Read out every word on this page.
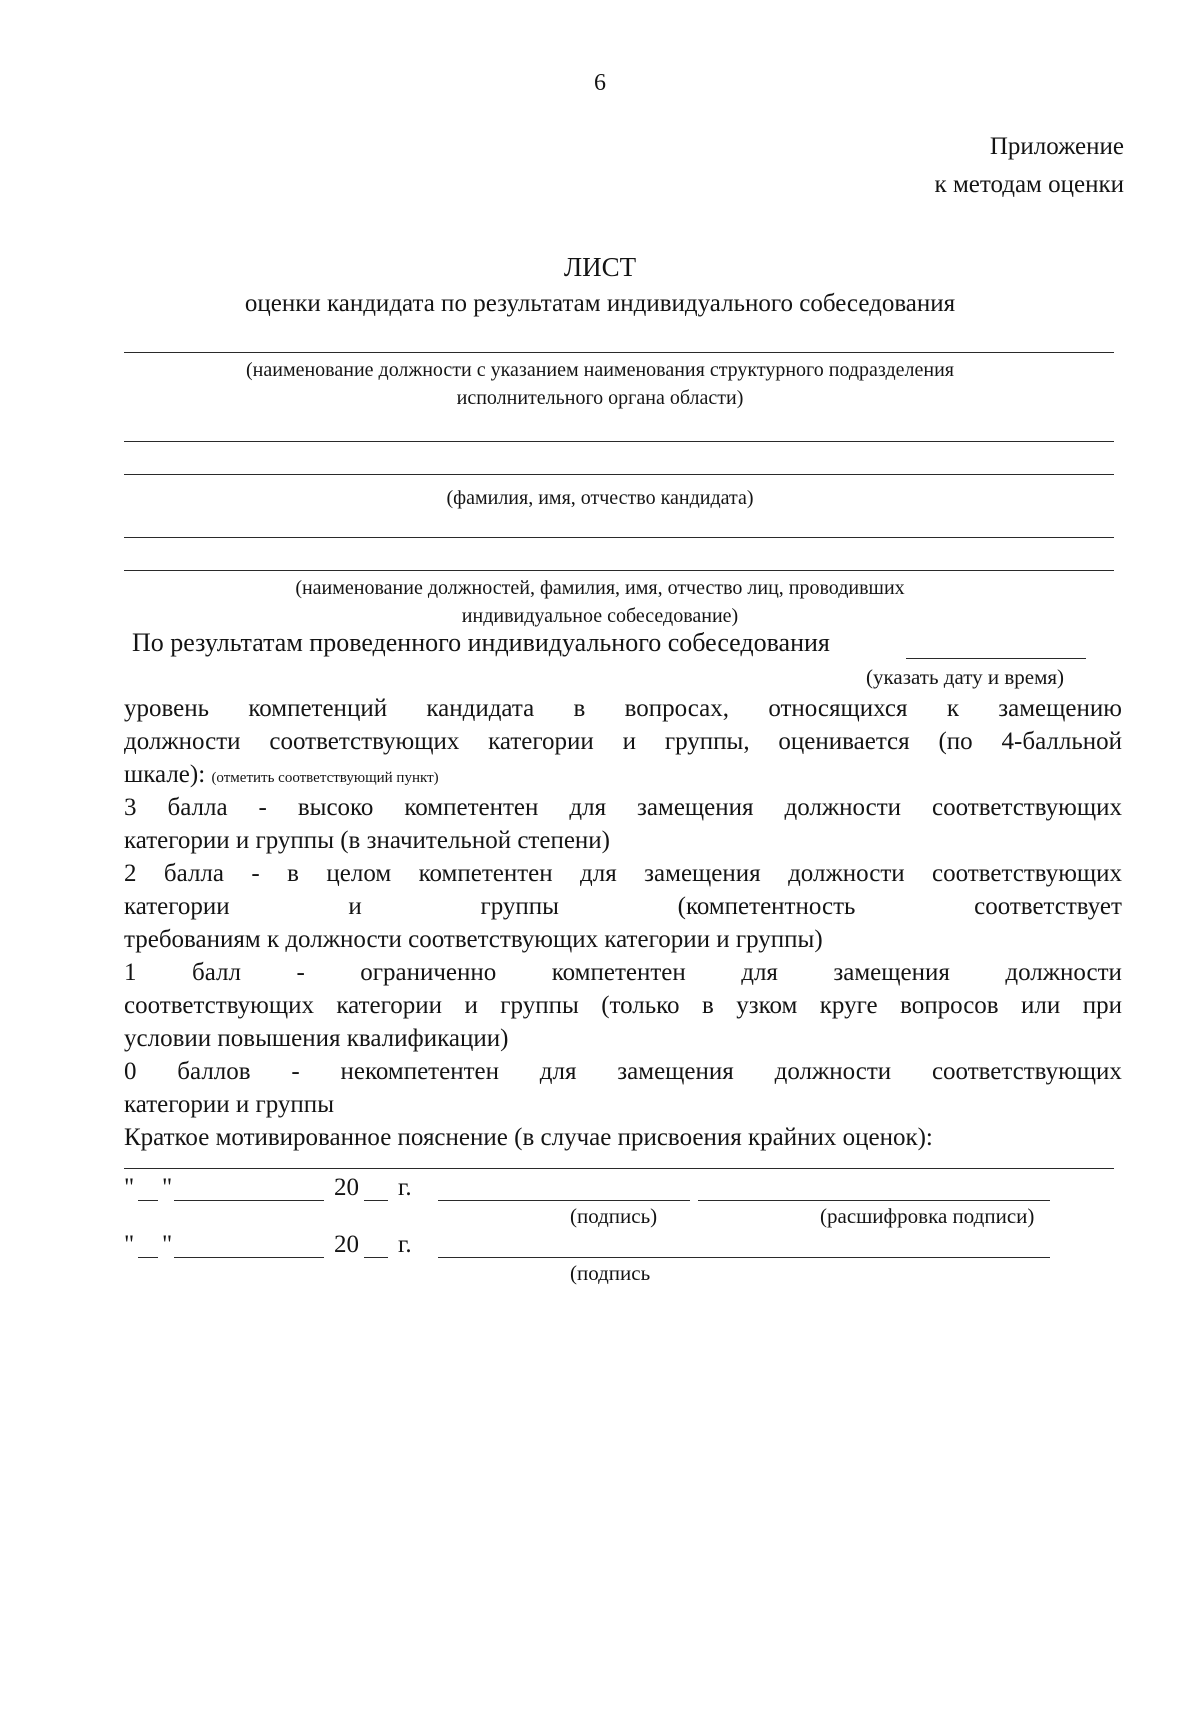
6
Приложение
к методам оценки
ЛИСТ
оценки кандидата по результатам индивидуального собеседования
(наименование должности с указанием наименования структурного подразделения
исполнительного органа области)
(фамилия, имя, отчество кандидата)
(наименование должностей, фамилия, имя, отчество лиц, проводивших
индивидуальное собеседование)
По результатам проведенного индивидуального собеседования
(указать дату и время)
уровень компетенций кандидата в вопросах, относящихся к замещению
должности соответствующих категории и группы, оценивается (по 4-балльной
шкале): (отметить соответствующий пункт)
3 балла - высоко компетентен для замещения должности соответствующих
категории и группы (в значительной степени)
2 балла - в целом компетентен для замещения должности соответствующих
категории	и	группы	(компетентность	соответствует
требованиям к должности соответствующих категории и группы)
1 балл - ограниченно компетентен для замещения должности
соответствующих категории и группы (только в узком круге вопросов или при
условии повышения квалификации)
0 баллов - некомпетентен для замещения должности соответствующих
категории и группы
Краткое мотивированное пояснение (в случае присвоения крайних оценок):
" "	20 г.
(подпись)	(расшифровка подписи)
" "	20 г.
(подпись
